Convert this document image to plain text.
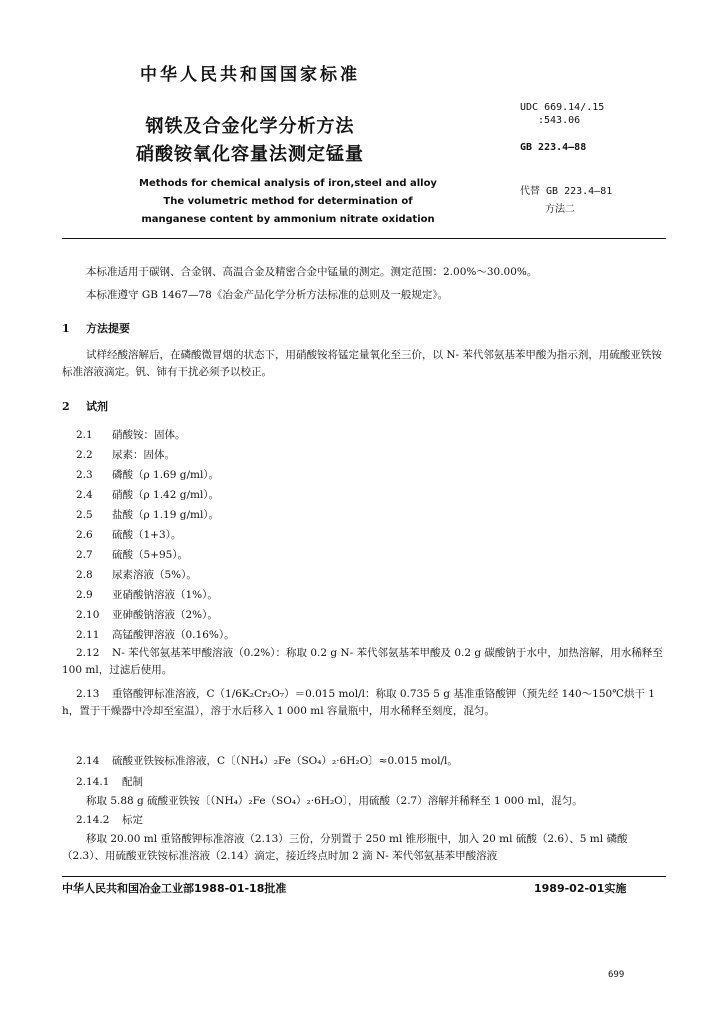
中华人民共和国国家标准
钢铁及合金化学分析方法
硝酸铵氧化容量法测定锰量
Methods for chemical analysis of iron,steel and alloy
The volumetric method for determination of
manganese content by ammonium nitrate oxidation
UDC 669.14/.15
:543.06
GB 223.4—88
代替 GB 223.4—81
方法二
本标准适用于碳钢、合金钢、高温合金及精密合金中锰量的测定。测定范围：2.00%～30.00%。
本标准遵守 GB 1467—78《冶金产品化学分析方法标准的总则及一般规定》。
1 方法提要
试样经酸溶解后，在磷酸微冒烟的状态下，用硝酸铵将锰定量氧化至三价，以 N- 苯代邻氨基苯甲酸为指示剂，用硫酸亚铁铵标准溶液滴定。钒、铈有干扰必须予以校正。
2 试剂
2.1 硝酸铵：固体。
2.2 尿素：固体。
2.3 磷酸（ρ 1.69 g/ml）。
2.4 硝酸（ρ 1.42 g/ml）。
2.5 盐酸（ρ 1.19 g/ml）。
2.6 硫酸（1+3）。
2.7 硫酸（5+95）。
2.8 尿素溶液（5%）。
2.9 亚硝酸钠溶液（1%）。
2.10 亚砷酸钠溶液（2%）。
2.11 高锰酸钾溶液（0.16%）。
2.12 N- 苯代邻氨基苯甲酸溶液（0.2%）：称取 0.2 g N- 苯代邻氨基苯甲酸及 0.2 g 碳酸钠于水中，加热溶解，用水稀释至 100 ml，过滤后使用。
2.13 重铬酸钾标准溶液，C（1/6K₂Cr₂O₇）＝0.015 mol/l：称取 0.735 5 g 基准重铬酸钾（预先经 140～150℃烘干 1 h，置于干燥器中冷却至室温），溶于水后移入 1 000 ml 容量瓶中，用水稀释至刻度，混匀。
2.14 硫酸亚铁铵标准溶液，C〔（NH₄）₂Fe（SO₄）₂·6H₂O〕≈0.015 mol/l。
2.14.1 配制
称取 5.88 g 硫酸亚铁铵〔（NH₄）₂Fe（SO₄）₂·6H₂O〕，用硫酸（2.7）溶解并稀释至 1 000 ml，混匀。
2.14.2 标定
移取 20.00 ml 重铬酸钾标准溶液（2.13）三份，分别置于 250 ml 锥形瓶中，加入 20 ml 硫酸（2.6）、5 ml 磷酸（2.3）、用硫酸亚铁铵标准溶液（2.14）滴定，接近终点时加 2 滴 N- 苯代邻氨基苯甲酸溶液
中华人民共和国冶金工业部1988-01-18批准	1989-02-01实施
699
